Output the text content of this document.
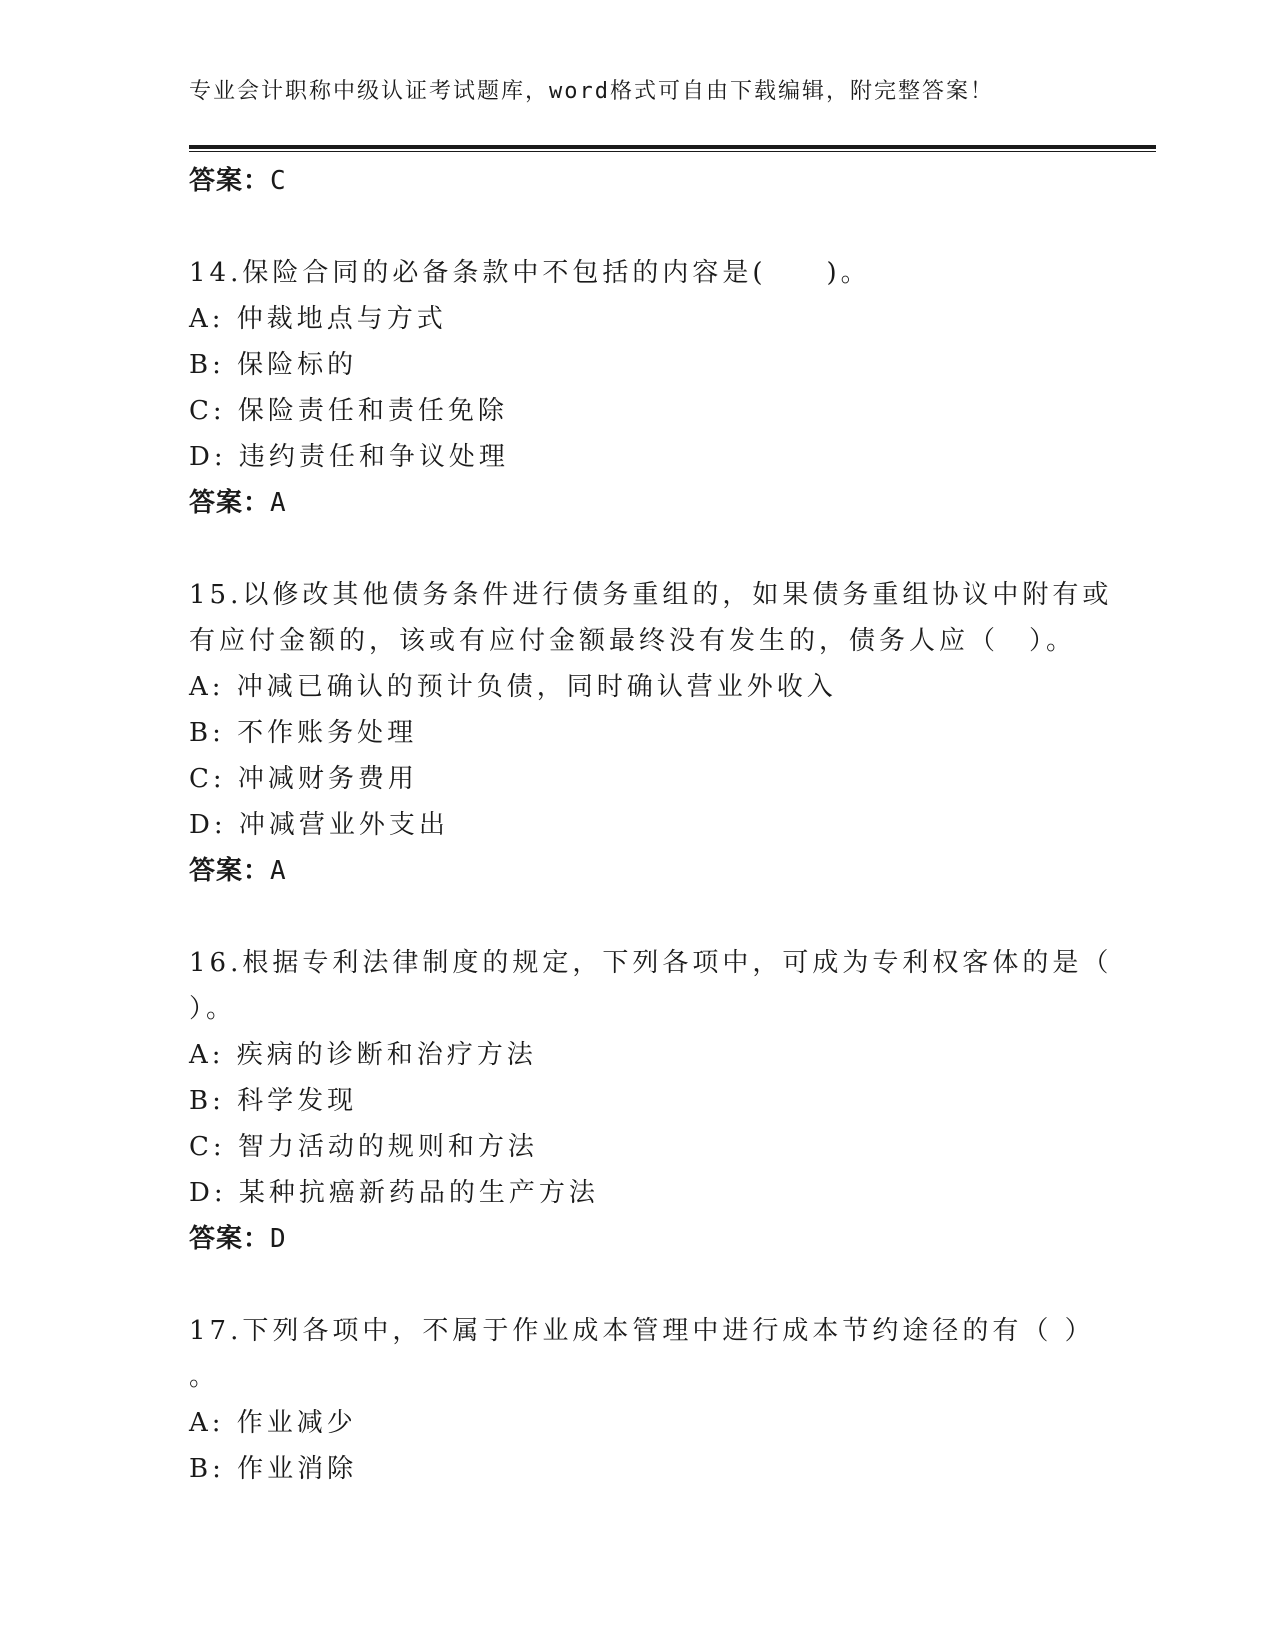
专业会计职称中级认证考试题库，word格式可自由下载编辑，附完整答案！
答案：C
14.保险合同的必备条款中不包括的内容是(　　)。
A: 仲裁地点与方式
B: 保险标的
C: 保险责任和责任免除
D: 违约责任和争议处理
答案：A
15.以修改其他债务条件进行债务重组的，如果债务重组协议中附有或
有应付金额的，该或有应付金额最终没有发生的，债务人应（　）。
A: 冲减已确认的预计负债，同时确认营业外收入
B: 不作账务处理
C: 冲减财务费用
D: 冲减营业外支出
答案：A
16.根据专利法律制度的规定，下列各项中，可成为专利权客体的是（
）。
A: 疾病的诊断和治疗方法
B: 科学发现
C: 智力活动的规则和方法
D: 某种抗癌新药品的生产方法
答案：D
17.下列各项中，不属于作业成本管理中进行成本节约途径的有（ ）
。
A: 作业减少
B: 作业消除
